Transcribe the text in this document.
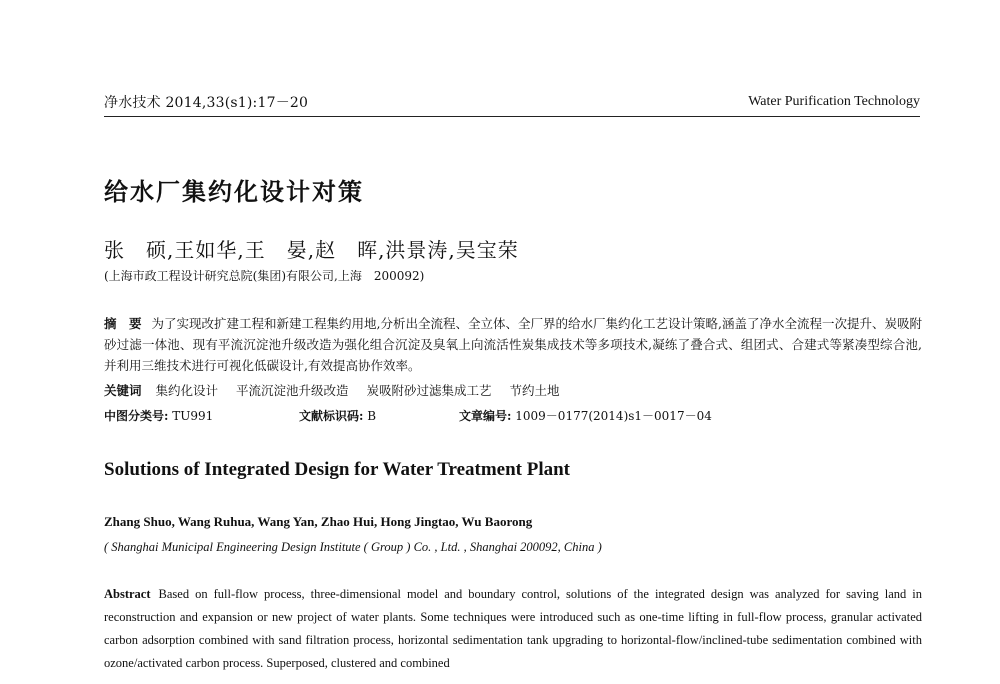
净水技术 2014,33(s1):17－20	Water Purification Technology
给水厂集约化设计对策
张　硕,王如华,王　晏,赵　晖,洪景涛,吴宝荣
(上海市政工程设计研究总院(集团)有限公司,上海　200092)
摘　要 为了实现改扩建工程和新建工程集约用地,分析出全流程、全立体、全厂界的给水厂集约化工艺设计策略,涵盖了净水全流程一次提升、炭吸附砂过滤一体池、现有平流沉淀池升级改造为强化组合沉淀及臭氧上向流活性炭集成技术等多项技术,凝练了叠合式、组团式、合建式等紧凑型综合池,并利用三维技术进行可视化低碳设计,有效提高协作效率。
关键词 集约化设计 平流沉淀池升级改造 炭吸附砂过滤集成工艺 节约土地
中图分类号: TU991	文献标识码: B	文章编号: 1009－0177(2014)s1－0017－04
Solutions of Integrated Design for Water Treatment Plant
Zhang Shuo, Wang Ruhua, Wang Yan, Zhao Hui, Hong Jingtao, Wu Baorong
( Shanghai Municipal Engineering Design Institute ( Group ) Co. , Ltd. , Shanghai 200092, China )
Abstract Based on full-flow process, three-dimensional model and boundary control, solutions of the integrated design was analyzed for saving land in reconstruction and expansion or new project of water plants. Some techniques were introduced such as one-time lifting in full-flow process, granular activated carbon adsorption combined with sand filtration process, horizontal sedimentation tank upgrading to horizontal-flow/inclined-tube sedimentation combined with ozone/activated carbon process. Superposed, clustered and combined
